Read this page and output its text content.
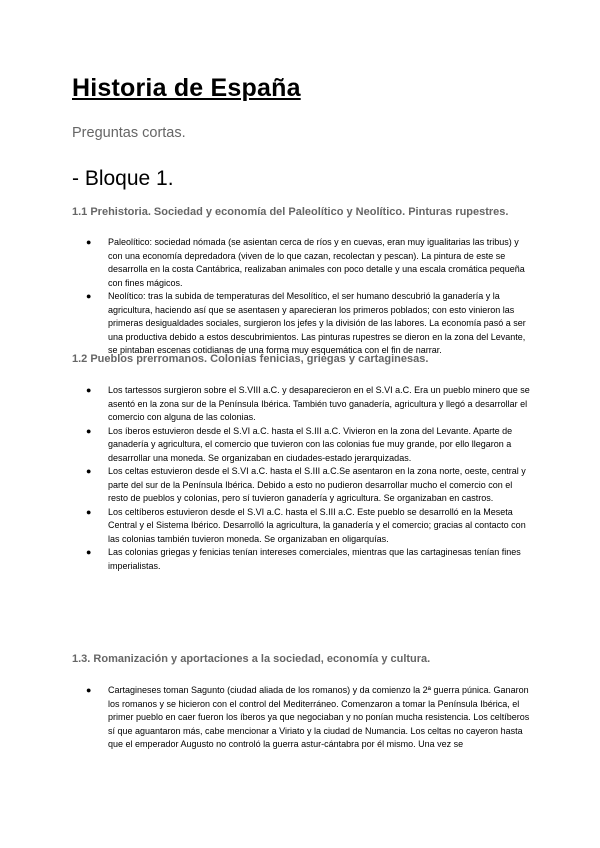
Historia de España

Preguntas cortas.

- Bloque 1.
1.1 Prehistoria. Sociedad y economía del Paleolítico y Neolítico. Pinturas rupestres.
● Paleolítico: sociedad nómada (se asientan cerca de ríos y en cuevas, eran muy igualitarias las tribus) y con una economía depredadora (viven de lo que cazan, recolectan y pescan). La pintura de este se desarrolla en la costa Cantábrica, realizaban animales con poco detalle y una escala cromática pequeña con fines mágicos.
● Neolítico: tras la subida de temperaturas del Mesolítico, el ser humano descubrió la ganadería y la agricultura, haciendo así que se asentasen y aparecieran los primeros poblados; con esto vinieron las primeras desigualdades sociales, surgieron los jefes y la división de las labores. La economía pasó a ser una productiva debido a estos descubrimientos. Las pinturas rupestres se dieron en la zona del Levante, se pintaban escenas cotidianas de una forma muy esquemática con el fin de narrar.
1.2 Pueblos prerromanos. Colonias fenicias, griegas y cartaginesas.
● Los tartessos surgieron sobre el S.VIII a.C. y desaparecieron en el S.VI a.C. Era un pueblo minero que se asentó en la zona sur de la Península Ibérica. También tuvo ganadería, agricultura y llegó a desarrollar el comercio con alguna de las colonias.
● Los íberos estuvieron desde el S.VI a.C. hasta el S.III a.C. Vivieron en la zona del Levante. Aparte de ganadería y agricultura, el comercio que tuvieron con las colonias fue muy grande, por ello llegaron a desarrollar una moneda. Se organizaban en ciudades-estado jerarquizadas.
● Los celtas estuvieron desde el S.VI a.C. hasta el S.III a.C.Se asentaron en la zona norte, oeste, central y parte del sur de la Península Ibérica. Debido a esto no pudieron desarrollar mucho el comercio con el resto de pueblos y colonias, pero sí tuvieron ganadería y agricultura. Se organizaban en castros.
● Los celtíberos estuvieron desde el S.VI a.C. hasta el S.III a.C. Este pueblo se desarrolló en la Meseta Central y el Sistema Ibérico. Desarrolló la agricultura, la ganadería y el comercio; gracias al contacto con las colonias también tuvieron moneda. Se organizaban en oligarquías.
● Las colonias griegas y fenicias tenían intereses comerciales, mientras que las cartaginesas tenían fines imperialistas.
1.3. Romanización y aportaciones a la sociedad, economía y cultura.
● Cartagineses toman Sagunto (ciudad aliada de los romanos) y da comienzo la 2ª guerra púnica. Ganaron los romanos y se hicieron con el control del Mediterráneo. Comenzaron a tomar la Península Ibérica, el primer pueblo en caer fueron los íberos ya que negociaban y no ponían mucha resistencia. Los celtíberos sí que aguantaron más, cabe mencionar a Viriato y la ciudad de Numancia. Los celtas no cayeron hasta que el emperador Augusto no controló la guerra astur-cántabra por él mismo. Una vez se
